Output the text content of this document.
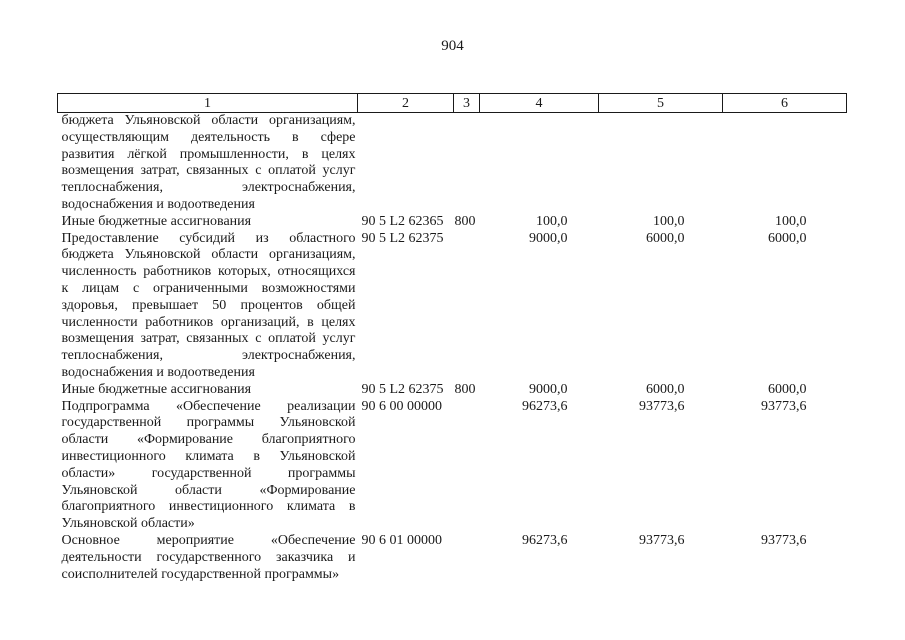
904
1	2	3	4	5	6
бюджета Ульяновской области организациям, осуществляющим деятельность в сфере развития лёгкой промышленности, в целях возмещения затрат, связанных с оплатой услуг теплоснабжения, электроснабжения, водоснабжения и водоотведения					
Иные бюджетные ассигнования	90 5 L2 62365	800	100,0	100,0	100,0
Предоставление субсидий из областного бюджета Ульяновской области организациям, численность работников которых, относящихся к лицам с ограниченными возможностями здоровья, превышает 50 процентов общей численности работников организаций, в целях возмещения затрат, связанных с оплатой услуг теплоснабжения, электроснабжения, водоснабжения и водоотведения	90 5 L2 62375		9000,0	6000,0	6000,0
Иные бюджетные ассигнования	90 5 L2 62375	800	9000,0	6000,0	6000,0
Подпрограмма «Обеспечение реализации государственной программы Ульяновской области «Формирование благоприятного инвестиционного климата в Ульяновской области» государственной программы Ульяновской области «Формирование благоприятного инвестиционного климата в Ульяновской области»	90 6 00 00000		96273,6	93773,6	93773,6
Основное мероприятие «Обеспечение деятельности государственного заказчика и соисполнителей государственной программы»	90 6 01 00000		96273,6	93773,6	93773,6
